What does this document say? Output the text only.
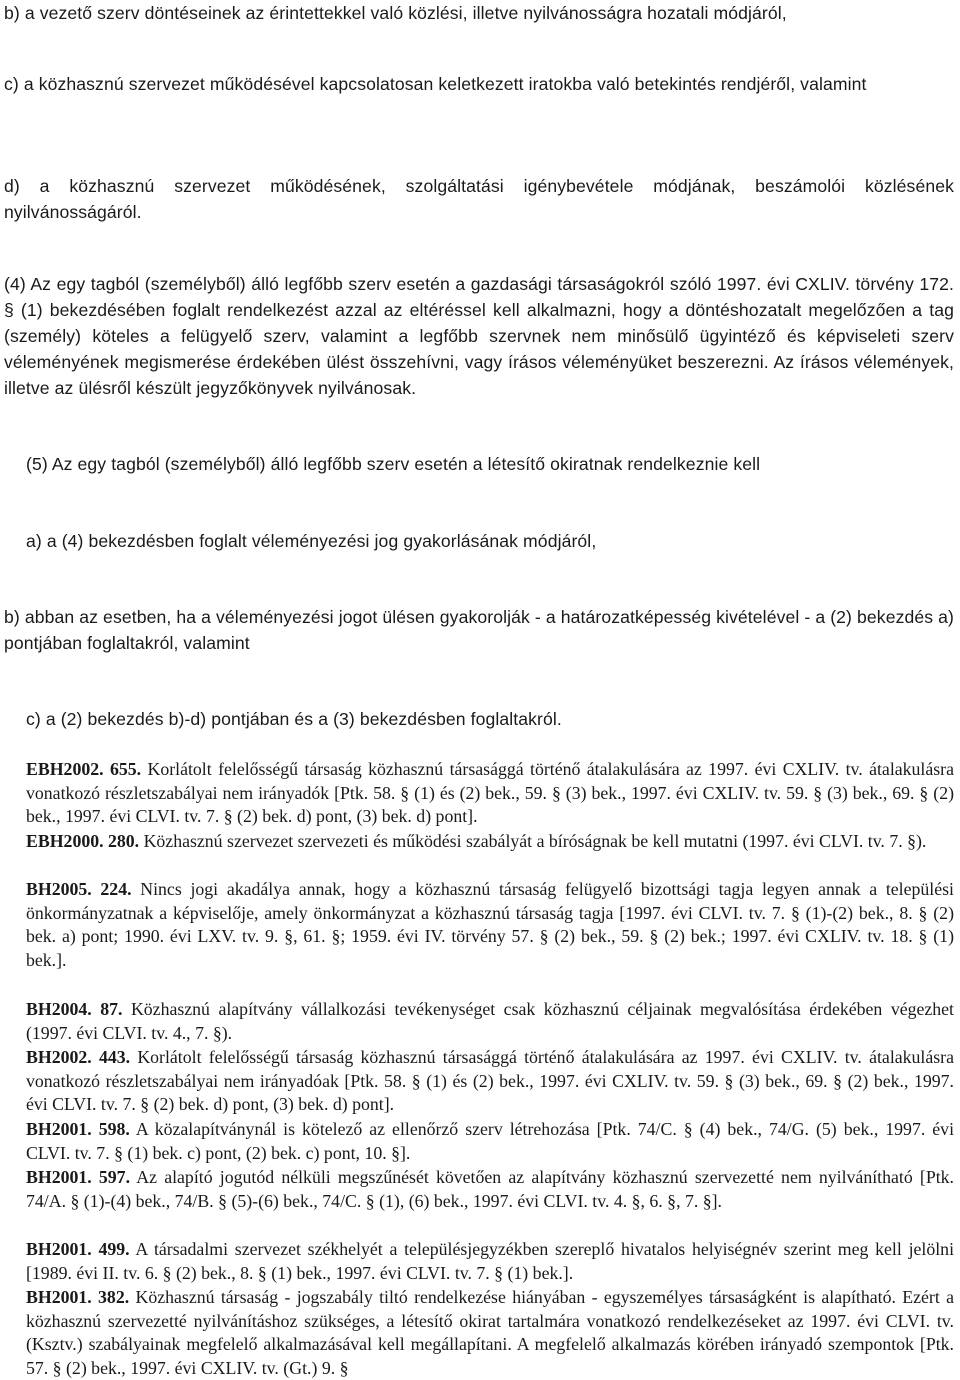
b) a vezető szerv döntéseinek az érintettekkel való közlési, illetve nyilvánosságra hozatali módjáról,

c) a közhasznú szervezet működésével kapcsolatosan keletkezett iratokba való betekintés rendjéről, valamint

d) a közhasznú szervezet működésének, szolgáltatási igénybevétele módjának, beszámolói közlésének nyilvánosságáról.

(4) Az egy tagból (személyből) álló legfőbb szerv esetén a gazdasági társaságokról szóló 1997. évi CXLIV. törvény 172. § (1) bekezdésében foglalt rendelkezést azzal az eltéréssel kell alkalmazni, hogy a döntéshozatalt megelőzően a tag (személy) köteles a felügyelő szerv, valamint a legfőbb szervnek nem minősülő ügyintéző és képviseleti szerv véleményének megismerése érdekében ülést összehívni, vagy írásos véleményüket beszerezni. Az írásos vélemények, illetve az ülésről készült jegyzőkönyvek nyilvánosak.

(5) Az egy tagból (személyből) álló legfőbb szerv esetén a létesítő okiratnak rendelkeznie kell

a) a (4) bekezdésben foglalt véleményezési jog gyakorlásának módjáról,

b) abban az esetben, ha a véleményezési jogot ülésen gyakorolják - a határozatképesség kivételével - a (2) bekezdés a) pontjában foglaltakról, valamint

c) a (2) bekezdés b)-d) pontjában és a (3) bekezdésben foglaltakról.

EBH2002. 655. Korlátolt felelősségű társaság közhasznú társasággá történő átalakulására az 1997. évi CXLIV. tv. átalakulásra vonatkozó részletszabályai nem irányadók [Ptk. 58. § (1) és (2) bek., 59. § (3) bek., 1997. évi CXLIV. tv. 59. § (3) bek., 69. § (2) bek., 1997. évi CLVI. tv. 7. § (2) bek. d) pont, (3) bek. d) pont].
EBH2000. 280. Közhasznú szervezet szervezeti és működési szabályát a bíróságnak be kell mutatni (1997. évi CLVI. tv. 7. §).
BH2005. 224. Nincs jogi akadálya annak, hogy a közhasznú társaság felügyelő bizottsági tagja legyen annak a települési önkormányzatnak a képviselője, amely önkormányzat a közhasznú társaság tagja [1997. évi CLVI. tv. 7. § (1)-(2) bek., 8. § (2) bek. a) pont; 1990. évi LXV. tv. 9. §, 61. §; 1959. évi IV. törvény 57. § (2) bek., 59. § (2) bek.; 1997. évi CXLIV. tv. 18. § (1) bek.].
BH2004. 87. Közhasznú alapítvány vállalkozási tevékenységet csak közhasznú céljainak megvalósítása érdekében végezhet (1997. évi CLVI. tv. 4., 7. §).
BH2002. 443. Korlátolt felelősségű társaság közhasznú társasággá történő átalakulására az 1997. évi CXLIV. tv. átalakulásra vonatkozó részletszabályai nem irányadóak [Ptk. 58. § (1) és (2) bek., 1997. évi CXLIV. tv. 59. § (3) bek., 69. § (2) bek., 1997. évi CLVI. tv. 7. § (2) bek. d) pont, (3) bek. d) pont].
BH2001. 598. A közalapítványnál is kötelező az ellenőrző szerv létrehozása [Ptk. 74/C. § (4) bek., 74/G. (5) bek., 1997. évi CLVI. tv. 7. § (1) bek. c) pont, (2) bek. c) pont, 10. §].
BH2001. 597. Az alapító jogutód nélküli megszűnését követően az alapítvány közhasznú szervezetté nem nyilvánítható [Ptk. 74/A. § (1)-(4) bek., 74/B. § (5)-(6) bek., 74/C. § (1), (6) bek., 1997. évi CLVI. tv. 4. §, 6. §, 7. §].
BH2001. 499. A társadalmi szervezet székhelyét a településjegyzékben szereplő hivatalos helyiségnév szerint meg kell jelölni [1989. évi II. tv. 6. § (2) bek., 8. § (1) bek., 1997. évi CLVI. tv. 7. § (1) bek.].
BH2001. 382. Közhasznú társaság - jogszabály tiltó rendelkezése hiányában - egyszemélyes társaságként is alapítható. Ezért a közhasznú szervezetté nyilvánításhoz szükséges, a létesítő okirat tartalmára vonatkozó rendelkezéseket az 1997. évi CLVI. tv. (Ksztv.) szabályainak megfelelő alkalmazásával kell megállapítani. A megfelelő alkalmazás körében irányadó szempontok [Ptk. 57. § (2) bek., 1997. évi CXLIV. tv. (Gt.) 9. §
